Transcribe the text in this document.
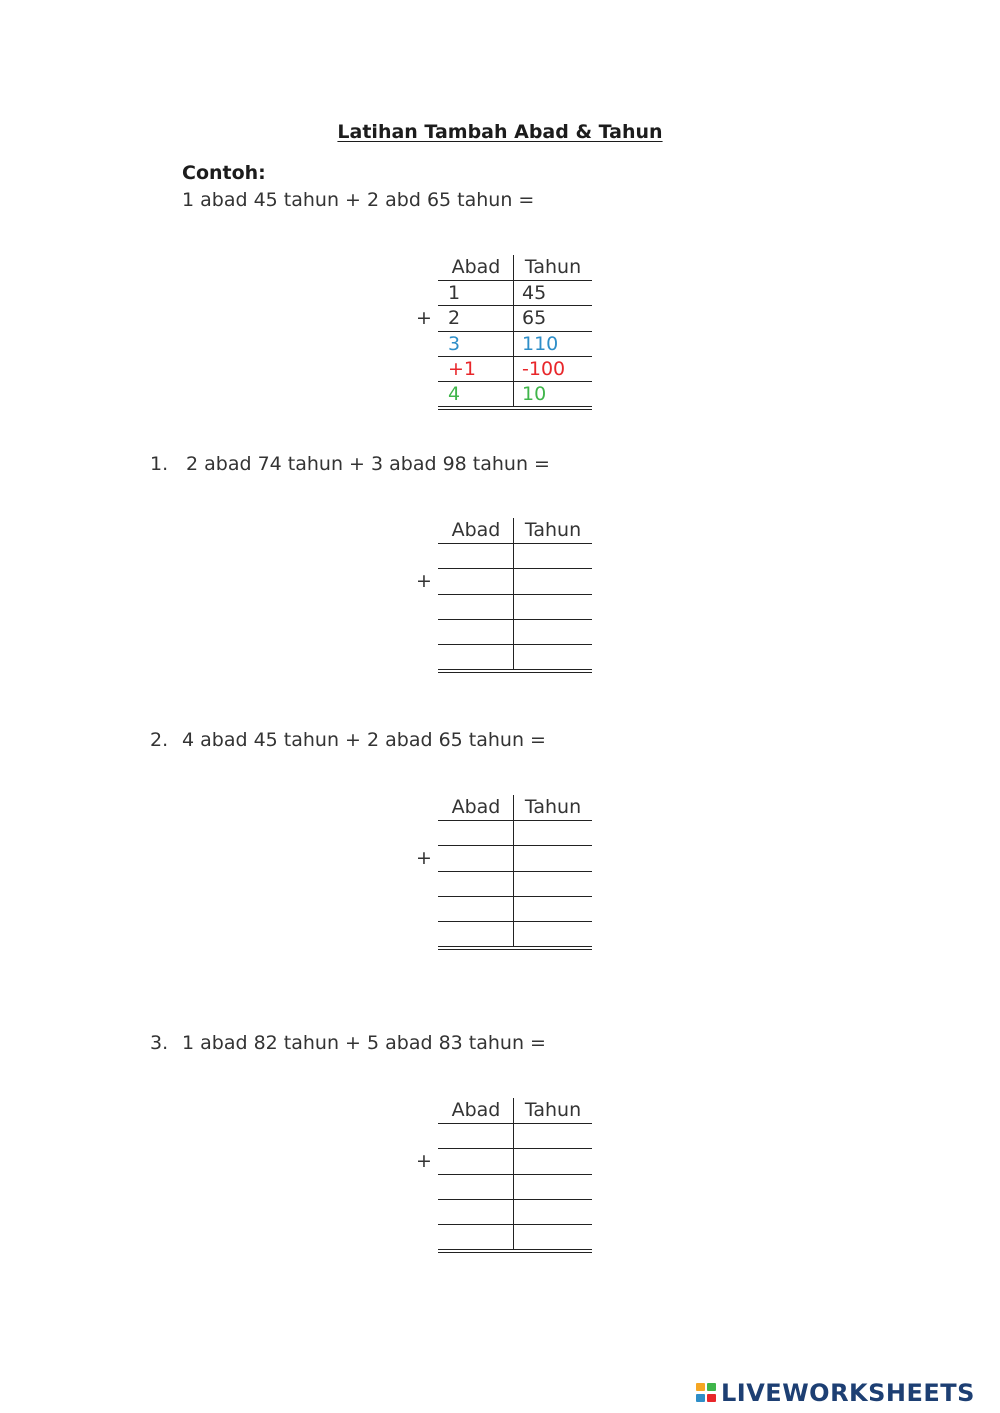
Latihan Tambah Abad & Tahun
Contoh:
1 abad 45 tahun + 2 abd 65 tahun =
+
Abad	Tahun
1	45
2	65
3	110
+1 -100
4	10
1. 2 abad 74 tahun + 3 abad 98 tahun =
+
Abad	Tahun
2. 4 abad 45 tahun + 2 abad 65 tahun =
+
Abad	Tahun
3. 1 abad 82 tahun + 5 abad 83 tahun =
+
Abad	Tahun
LIVEWORKSHEETS
